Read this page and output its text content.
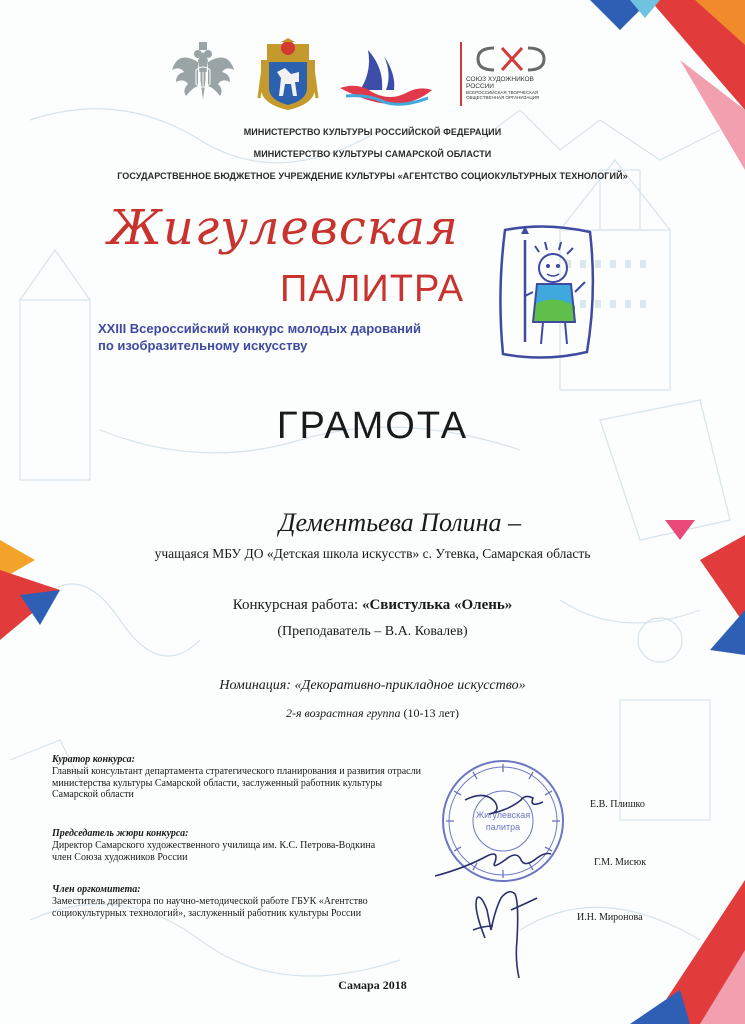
СОЮЗ ХУДОЖНИКОВ
РОССИИ
ВСЕРОССИЙСКАЯ ТВОРЧЕСКАЯ
ОБЩЕСТВЕННАЯ ОРГАНИЗАЦИЯ
МИНИСТЕРСТВО КУЛЬТУРЫ РОССИЙСКОЙ ФЕДЕРАЦИИ
МИНИСТЕРСТВО КУЛЬТУРЫ САМАРСКОЙ ОБЛАСТИ
ГОСУДАРСТВЕННОЕ БЮДЖЕТНОЕ УЧРЕЖДЕНИЕ КУЛЬТУРЫ «АГЕНТСТВО СОЦИОКУЛЬТУРНЫХ ТЕХНОЛОГИЙ»
Жигулевская
ПАЛИТРА
XXIII Всероссийский конкурс молодых дарований
по изобразительному искусству
ГРАМОТА
Дементьева Полина –
учащаяся МБУ ДО «Детская школа искусств» с. Утевка, Самарская область
Конкурсная работа: «Свистулька «Олень»
(Преподаватель – В.А. Ковалев)
Номинация: «Декоративно-прикладное искусство»
2-я возрастная группа (10-13 лет)
Куратор конкурса:
Главный консультант департамента стратегического планирования и развития отрасли
министерства культуры Самарской области, заслуженный работник культуры
Самарской области
Е.В. Плишко
Председатель жюри конкурса:
Директор Самарского художественного училища им. К.С. Петрова-Водкина
член Союза художников России	Г.М. Мисюк
Член оргкомитета:
Заместитель директора по научно-методической работе ГБУК «Агентство
социокультурных технологий», заслуженный работник культуры России	И.Н. Миронова
Жигулевская
палитра
Самара 2018
